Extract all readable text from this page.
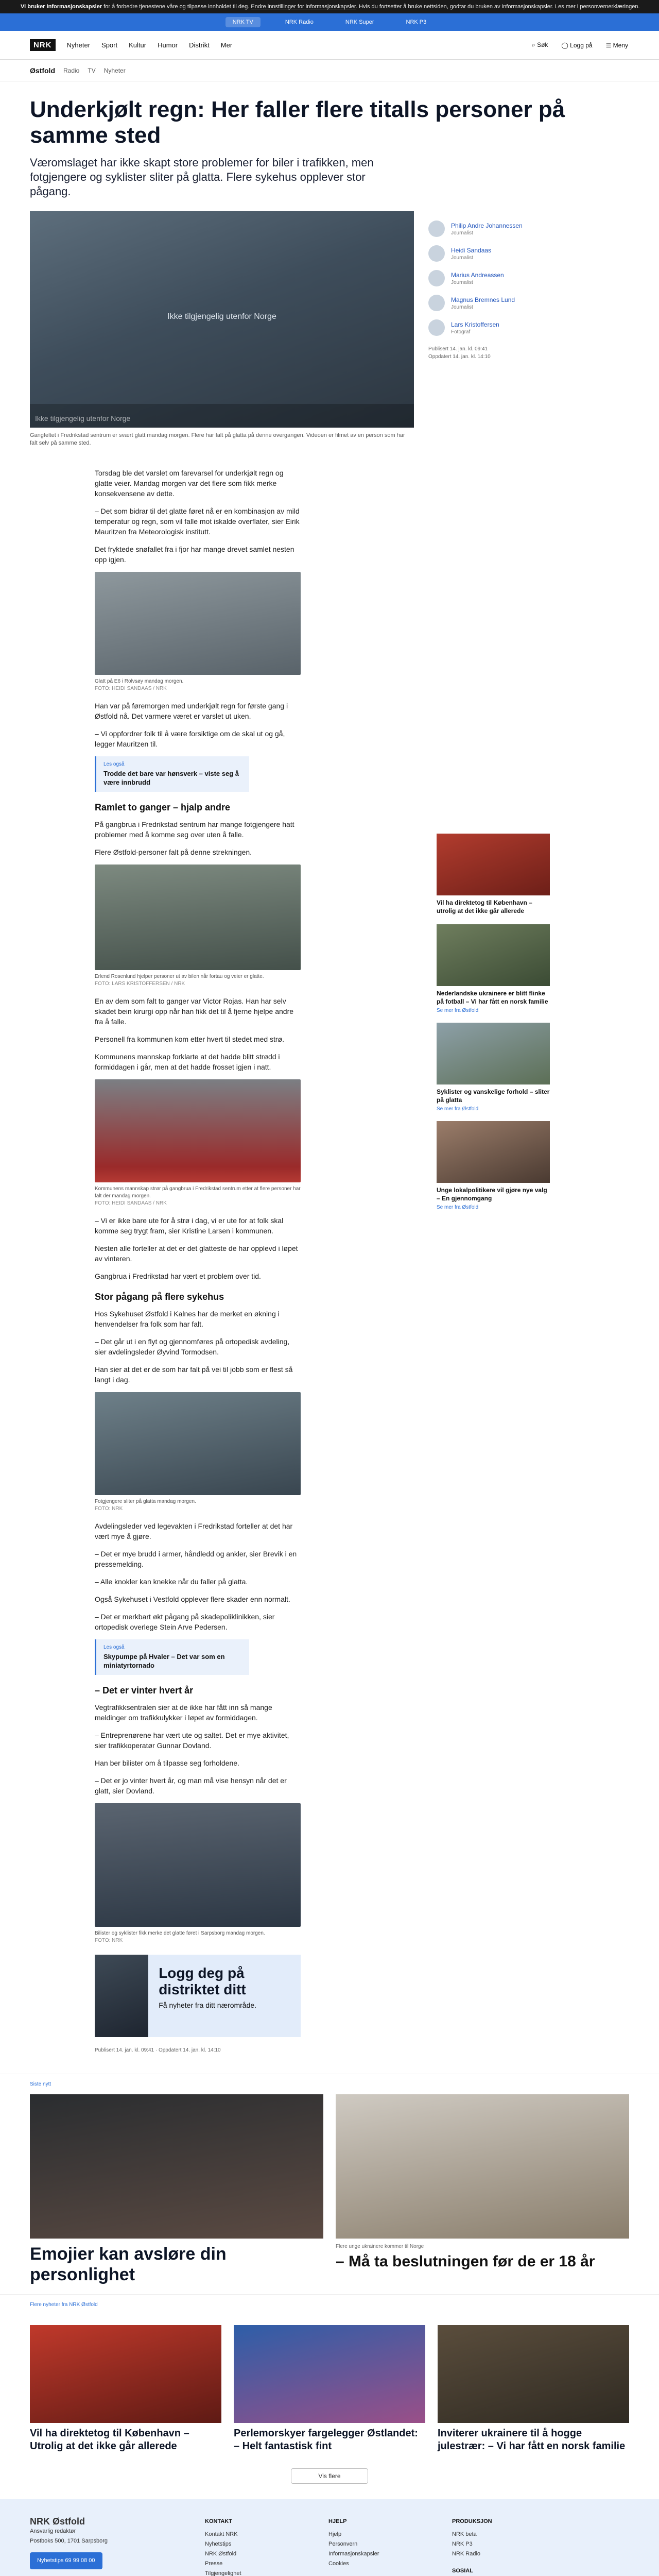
Vi bruker informasjonskapsler for å forbedre tjenestene våre og tilpasse innholdet til deg. Endre innstillinger for informasjonskapsler. Hvis du fortsetter å bruke nettsiden, godtar du bruken av informasjonskapsler. Les mer i personvernerklæringen.
NRK TV	NRK Radio	NRK Super	NRK P3
NRK	Nyheter Sport Kultur Humor Distrikt Mer	⌕ Søk ◯ Logg på ☰ Meny
Østfold Radio TV Nyheter
Underkjølt regn: Her faller flere titalls personer på samme sted

Væromslaget har ikke skapt store problemer for biler i trafikken, men fotgjengere og syklister sliter på glatta. Flere sykehus opplever stor pågang.

Ikke tilgjengelig utenfor Norge
Ikke tilgjengelig utenfor Norge
Gangfeltet i Fredrikstad sentrum er svært glatt mandag morgen. Flere har falt på glatta på denne overgangen. Videoen er filmet av en person som har falt selv på samme sted.
Philip Andre Johannessen
Journalist
Heidi Sandaas
Journalist
Marius Andreassen
Journalist
Magnus Bremnes Lund
Journalist
Lars Kristoffersen
Fotograf
Publisert 14. jan. kl. 09:41
Oppdatert 14. jan. kl. 14:10

Torsdag ble det varslet om farevarsel for underkjølt regn og glatte veier. Mandag morgen var det flere som fikk merke konsekvensene av dette.

– Det som bidrar til det glatte føret nå er en kombinasjon av mild temperatur og regn, som vil falle mot iskalde overflater, sier Eirik Mauritzen fra Meteorologisk institutt.

Det fryktede snøfallet fra i fjor har mange drevet samlet nesten opp igjen.

Glatt på E6 i Rolvsøy mandag morgen.
FOTO: HEIDI SANDAAS / NRK

Han var på føremorgen med underkjølt regn for første gang i Østfold nå. Det varmere været er varslet ut uken.

– Vi oppfordrer folk til å være forsiktige om de skal ut og gå, legger Mauritzen til.

Les også
Trodde det bare var hønsverk – viste seg å være innbrudd
Ramlet to ganger – hjalp andre

På gangbrua i Fredrikstad sentrum har mange fotgjengere hatt problemer med å komme seg over uten å falle.

Flere Østfold-personer falt på denne strekningen.

Erlend Rosenlund hjelper personer ut av bilen når fortau og veier er glatte.
FOTO: LARS KRISTOFFERSEN / NRK

En av dem som falt to ganger var Victor Rojas. Han har selv skadet bein kirurgi opp når han fikk det til å fjerne hjelpe andre fra å falle.

Personell fra kommunen kom etter hvert til stedet med strø.

Kommunens mannskap forklarte at det hadde blitt strødd i formiddagen i går, men at det hadde frosset igjen i natt.

Kommunens mannskap strør på gangbrua i Fredrikstad sentrum etter at flere personer har falt der mandag morgen.
FOTO: HEIDI SANDAAS / NRK

– Vi er ikke bare ute for å strø i dag, vi er ute for at folk skal komme seg trygt fram, sier Kristine Larsen i kommunen.

Nesten alle forteller at det er det glatteste de har opplevd i løpet av vinteren.

Gangbrua i Fredrikstad har vært et problem over tid.

Stor pågang på flere sykehus

Hos Sykehuset Østfold i Kalnes har de merket en økning i henvendelser fra folk som har falt.

– Det går ut i en flyt og gjennomføres på ortopedisk avdeling, sier avdelingsleder Øyvind Tormodsen.

Han sier at det er de som har falt på vei til jobb som er flest så langt i dag.

Fotgjengere sliter på glatta mandag morgen.
FOTO: NRK

Avdelingsleder ved legevakten i Fredrikstad forteller at det har vært mye å gjøre.

– Det er mye brudd i armer, håndledd og ankler, sier Brevik i en pressemelding.

– Alle knokler kan knekke når du faller på glatta.

Også Sykehuset i Vestfold opplever flere skader enn normalt.

– Det er merkbart økt pågang på skadepoliklinikken, sier ortopedisk overlege Stein Arve Pedersen.

Les også
Skypumpe på Hvaler – Det var som en miniatyrtornado
– Det er vinter hvert år

Vegtrafikksentralen sier at de ikke har fått inn så mange meldinger om trafikkulykker i løpet av formiddagen.

– Entreprenørene har vært ute og saltet. Det er mye aktivitet, sier trafikkoperatør Gunnar Dovland.

Han ber bilister om å tilpasse seg forholdene.

– Det er jo vinter hvert år, og man må vise hensyn når det er glatt, sier Dovland.

Bilister og syklister fikk merke det glatte føret i Sarpsborg mandag morgen.
FOTO: NRK
Logg deg på distriktet ditt
Få nyheter fra ditt nærområde.
Publisert 14. jan. kl. 09:41 · Oppdatert 14. jan. kl. 14:10
Vil ha direktetog til København – utrolig at det ikke går allerede
Nederlandske ukrainere er blitt flinke på fotball – Vi har fått en norsk familie
Se mer fra Østfold
Syklister og vanskelige forhold – sliter på glatta
Se mer fra Østfold
Unge lokalpolitikere vil gjøre nye valg – En gjennomgang
Se mer fra Østfold
Siste nytt
Emojier kan avsløre din personlighet
Flere unge ukrainere kommer til Norge
– Må ta beslutningen før de er 18 år
Flere nyheter fra NRK Østfold
Vil ha direktetog til København – Utrolig at det ikke går allerede
Perlemorskyer fargelegger Østlandet: – Helt fantastisk fint
Inviterer ukrainere til å hogge julestrær: – Vi har fått en norsk familie
Vis flere
NRK Østfold
Ansvarlig redaktør
Postboks 500, 1701 Sarpsborg
Nyhetstips 69 99 08 00
KONTAKT
Kontakt NRK
Nyhetstips
NRK Østfold
Presse
Tilgjengelighet
HJELP
Hjelp
Personvern
Informasjonskapsler
Cookies
PRODUKSJON
NRK beta
NRK P3
NRK Radio
SOSIAL
